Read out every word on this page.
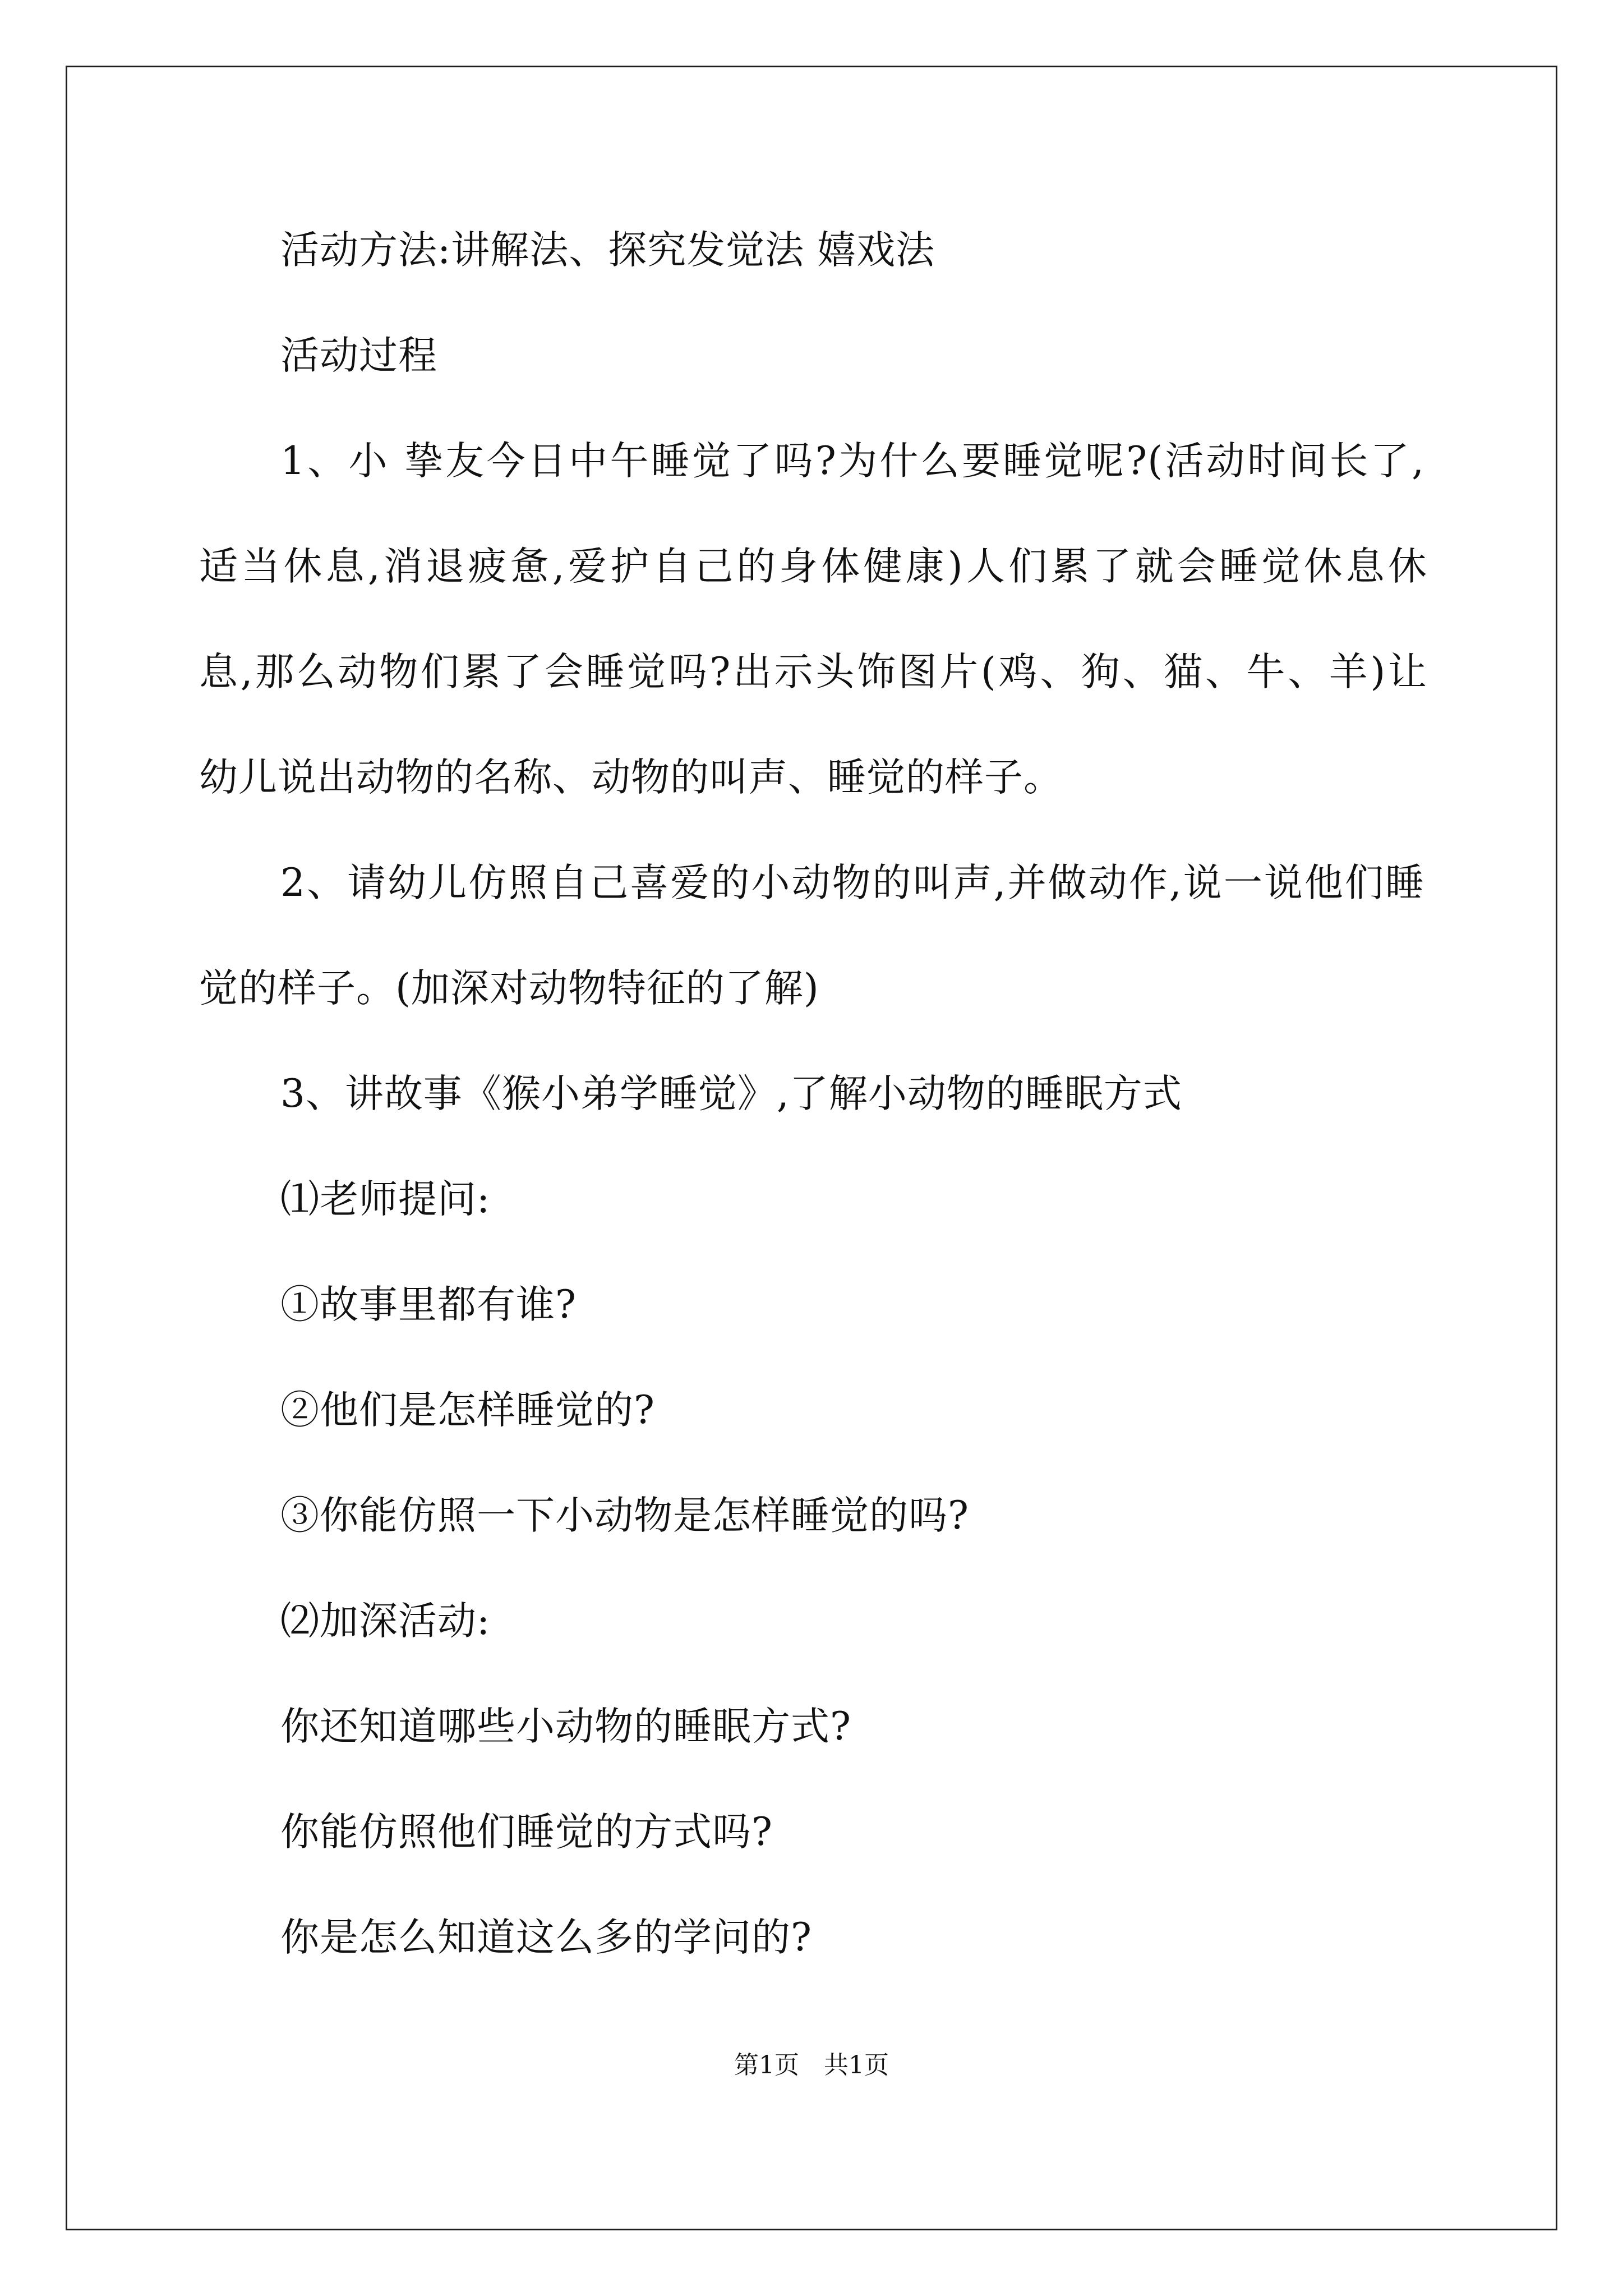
活动方法:讲解法、探究发觉法 嬉戏法
活动过程
1、小 挚友今日中午睡觉了吗?为什么要睡觉呢?(活动时间长了,
适当休息,消退疲惫,爱护自己的身体健康)人们累了就会睡觉休息休
息,那么动物们累了会睡觉吗?出示头饰图片(鸡、狗、猫、牛、羊)让
幼儿说出动物的名称、动物的叫声、睡觉的样子。
2、请幼儿仿照自己喜爱的小动物的叫声,并做动作,说一说他们睡
觉的样子。(加深对动物特征的了解)
3、讲故事《猴小弟学睡觉》,了解小动物的睡眠方式
⑴老师提问:
①故事里都有谁?
②他们是怎样睡觉的?
③你能仿照一下小动物是怎样睡觉的吗?
⑵加深活动:
你还知道哪些小动物的睡眠方式?
你能仿照他们睡觉的方式吗?
你是怎么知道这么多的学问的?
第1页　共1页
